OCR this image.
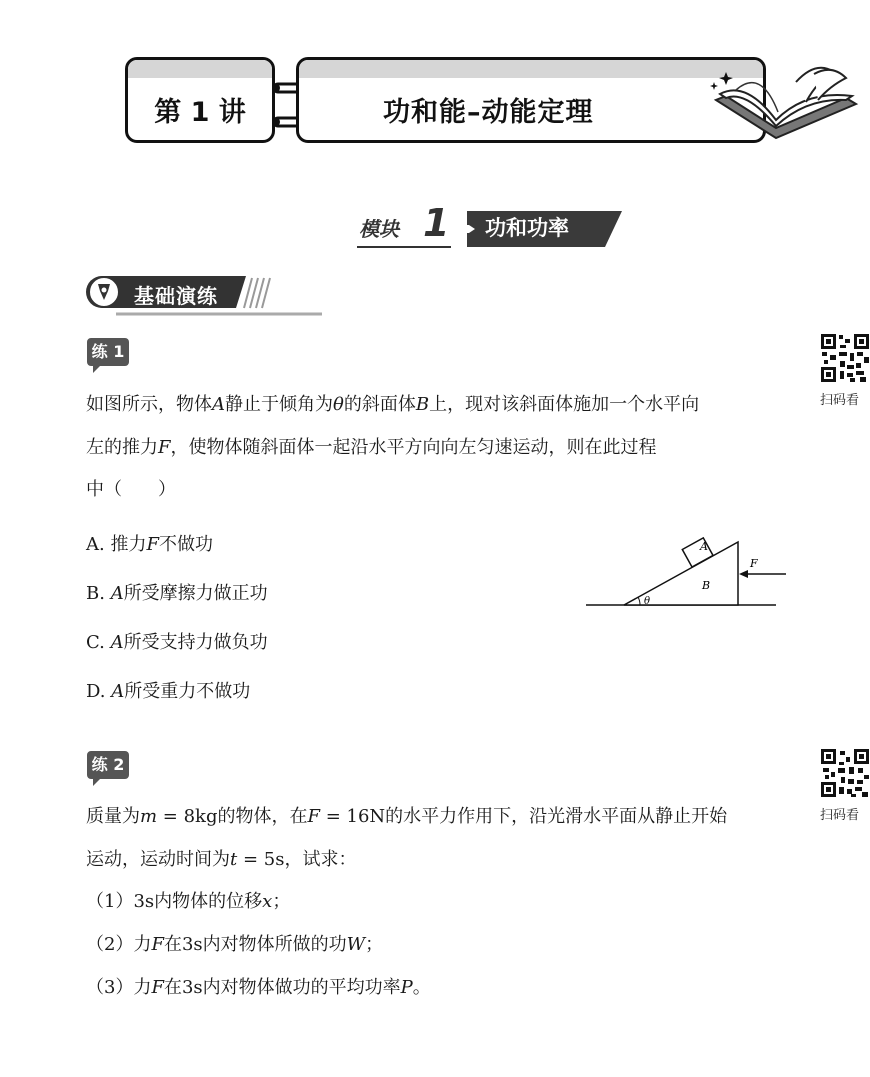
第 1 讲	功和能–动能定理
模块 1 功和功率
基础演练
练 1
扫码看
如图所示，物体A静止于倾角为θ的斜面体B上，现对该斜面体施加一个水平向
左的推力F，使物体随斜面体一起沿水平方向向左匀速运动，则在此过程
中（　　）
A. 推力F不做功
B. A所受摩擦力做正功
C. A所受支持力做负功
D. A所受重力不做功
A
B
F
θ
练 2
扫码看
质量为m = 8kg的物体，在F = 16N的水平力作用下，沿光滑水平面从静止开始
运动，运动时间为t = 5s，试求：
（1）3s内物体的位移x；
（2）力F在3s内对物体所做的功W；
（3）力F在3s内对物体做功的平均功率P。
